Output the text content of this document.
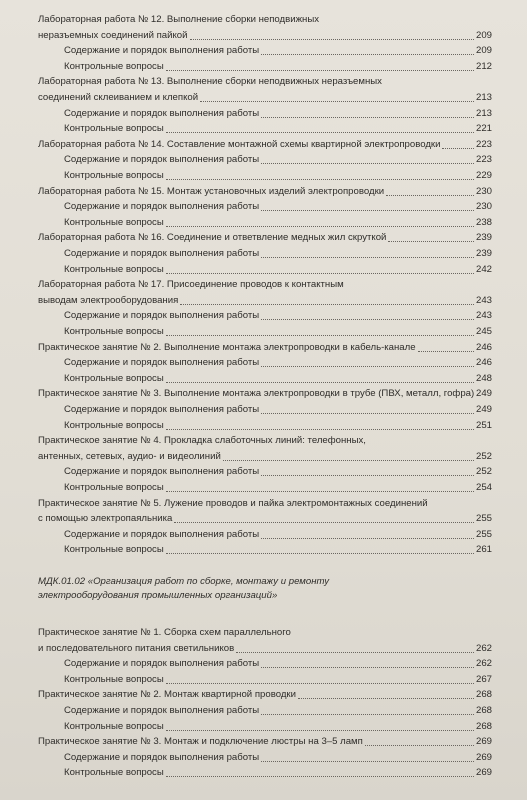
Лабораторная работа № 12. Выполнение сборки неподвижных
неразъемных соединений пайкой	209
Содержание и порядок выполнения работы	209
Контрольные вопросы	212
Лабораторная работа № 13. Выполнение сборки неподвижных неразъемных
соединений склеиванием и клепкой	213
Содержание и порядок выполнения работы	213
Контрольные вопросы	221
Лабораторная работа № 14. Составление монтажной схемы квартирной электропроводки	223
Содержание и порядок выполнения работы	223
Контрольные вопросы	229
Лабораторная работа № 15. Монтаж установочных изделий электропроводки	230
Содержание и порядок выполнения работы	230
Контрольные вопросы	238
Лабораторная работа № 16. Соединение и ответвление медных жил скруткой	239
Содержание и порядок выполнения работы	239
Контрольные вопросы	242
Лабораторная работа № 17. Присоединение проводов к контактным
выводам электрооборудования	243
Содержание и порядок выполнения работы	243
Контрольные вопросы	245
Практическое занятие № 2. Выполнение монтажа электропроводки в кабель-канале	246
Содержание и порядок выполнения работы	246
Контрольные вопросы	248
Практическое занятие № 3. Выполнение монтажа электропроводки в трубе (ПВХ, металл, гофра) 249
Содержание и порядок выполнения работы	249
Контрольные вопросы	251
Практическое занятие № 4. Прокладка слаботочных линий: телефонных,
антенных, сетевых, аудио- и видеолиний	252
Содержание и порядок выполнения работы	252
Контрольные вопросы	254
Практическое занятие № 5. Лужение проводов и пайка электромонтажных соединений
с помощью электропаяльника	255
Содержание и порядок выполнения работы	255
Контрольные вопросы	261
МДК.01.02 «Организация работ по сборке, монтажу и ремонту
электрооборудования промышленных организаций»
Практическое занятие № 1. Сборка схем параллельного
и последовательного питания светильников	262
Содержание и порядок выполнения работы	262
Контрольные вопросы	267
Практическое занятие № 2. Монтаж квартирной проводки	268
Содержание и порядок выполнения работы	268
Контрольные вопросы	268
Практическое занятие № 3. Монтаж и подключение люстры на 3–5 ламп	269
Содержание и порядок выполнения работы	269
Контрольные вопросы	269
